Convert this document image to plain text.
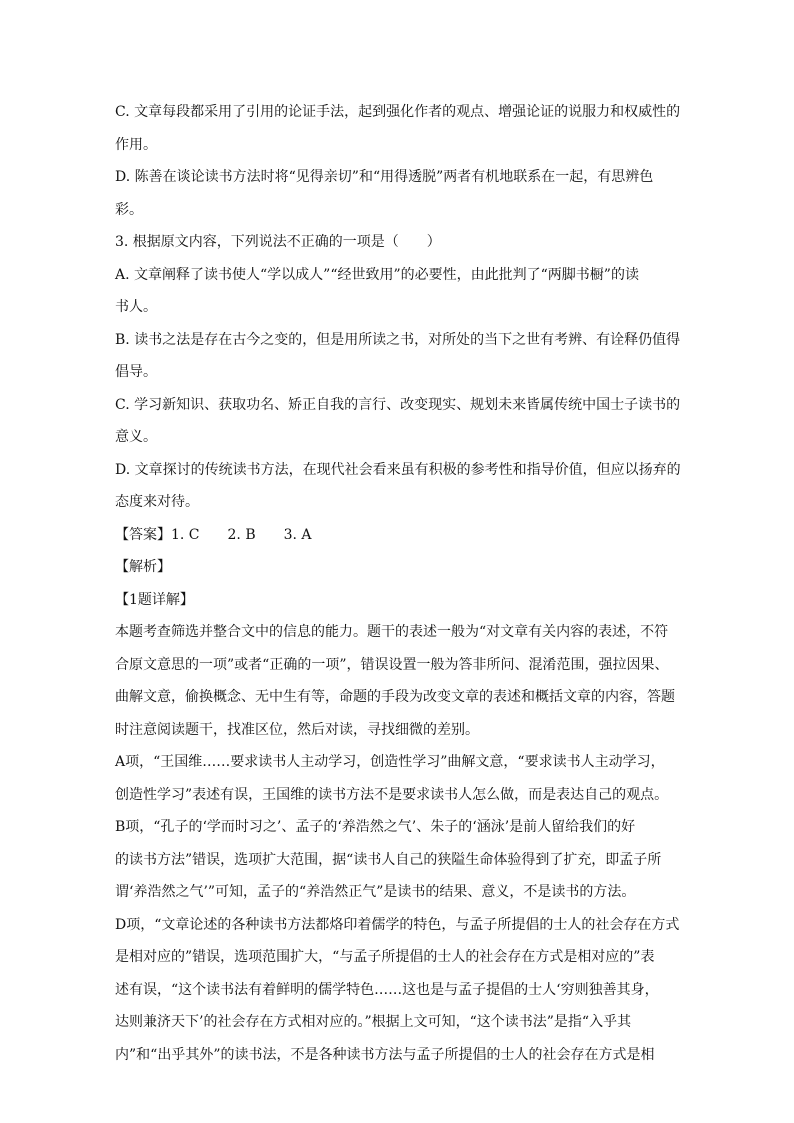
C. 文章每段都采用了引用的论证手法，起到强化作者的观点、增强论证的说服力和权威性的
作用。
D. 陈善在谈论读书方法时将“见得亲切”和“用得透脱”两者有机地联系在一起，有思辨色
彩。
3. 根据原文内容，下列说法不正确的一项是（　　）
A. 文章阐释了读书使人“学以成人”“经世致用”的必要性，由此批判了“两脚书橱”的读
书人。
B. 读书之法是存在古今之变的，但是用所读之书，对所处的当下之世有考辨、有诠释仍值得
倡导。
C. 学习新知识、获取功名、矫正自我的言行、改变现实、规划未来皆属传统中国士子读书的
意义。
D. 文章探讨的传统读书方法，在现代社会看来虽有积极的参考性和指导价值，但应以扬弃的
态度来对待。
【答案】1. C　　2. B　　3. A
【解析】
【1题详解】
本题考查筛选并整合文中的信息的能力。题干的表述一般为“对文章有关内容的表述，不符
合原文意思的一项”或者“正确的一项”，错误设置一般为答非所问、混淆范围，强拉因果、
曲解文意，偷换概念、无中生有等，命题的手段为改变文章的表述和概括文章的内容，答题
时注意阅读题干，找准区位，然后对读，寻找细微的差别。
A项，“王国维……要求读书人主动学习，创造性学习”曲解文意，“要求读书人主动学习，
创造性学习”表述有误，王国维的读书方法不是要求读书人怎么做，而是表达自己的观点。
B项，“孔子的‘学而时习之’、孟子的‘养浩然之气’、朱子的‘涵泳’是前人留给我们的好
的读书方法”错误，选项扩大范围，据“读书人自己的狭隘生命体验得到了扩充，即孟子所
谓‘养浩然之气’”可知，孟子的“养浩然正气”是读书的结果、意义，不是读书的方法。
D项，“文章论述的各种读书方法都烙印着儒学的特色，与孟子所提倡的士人的社会存在方式
是相对应的”错误，选项范围扩大，“与孟子所提倡的士人的社会存在方式是相对应的”表
述有误，“这个读书法有着鲜明的儒学特色……这也是与孟子提倡的士人‘穷则独善其身，
达则兼济天下’的社会存在方式相对应的。”根据上文可知，“这个读书法”是指“入乎其
内”和“出乎其外”的读书法，不是各种读书方法与孟子所提倡的士人的社会存在方式是相
